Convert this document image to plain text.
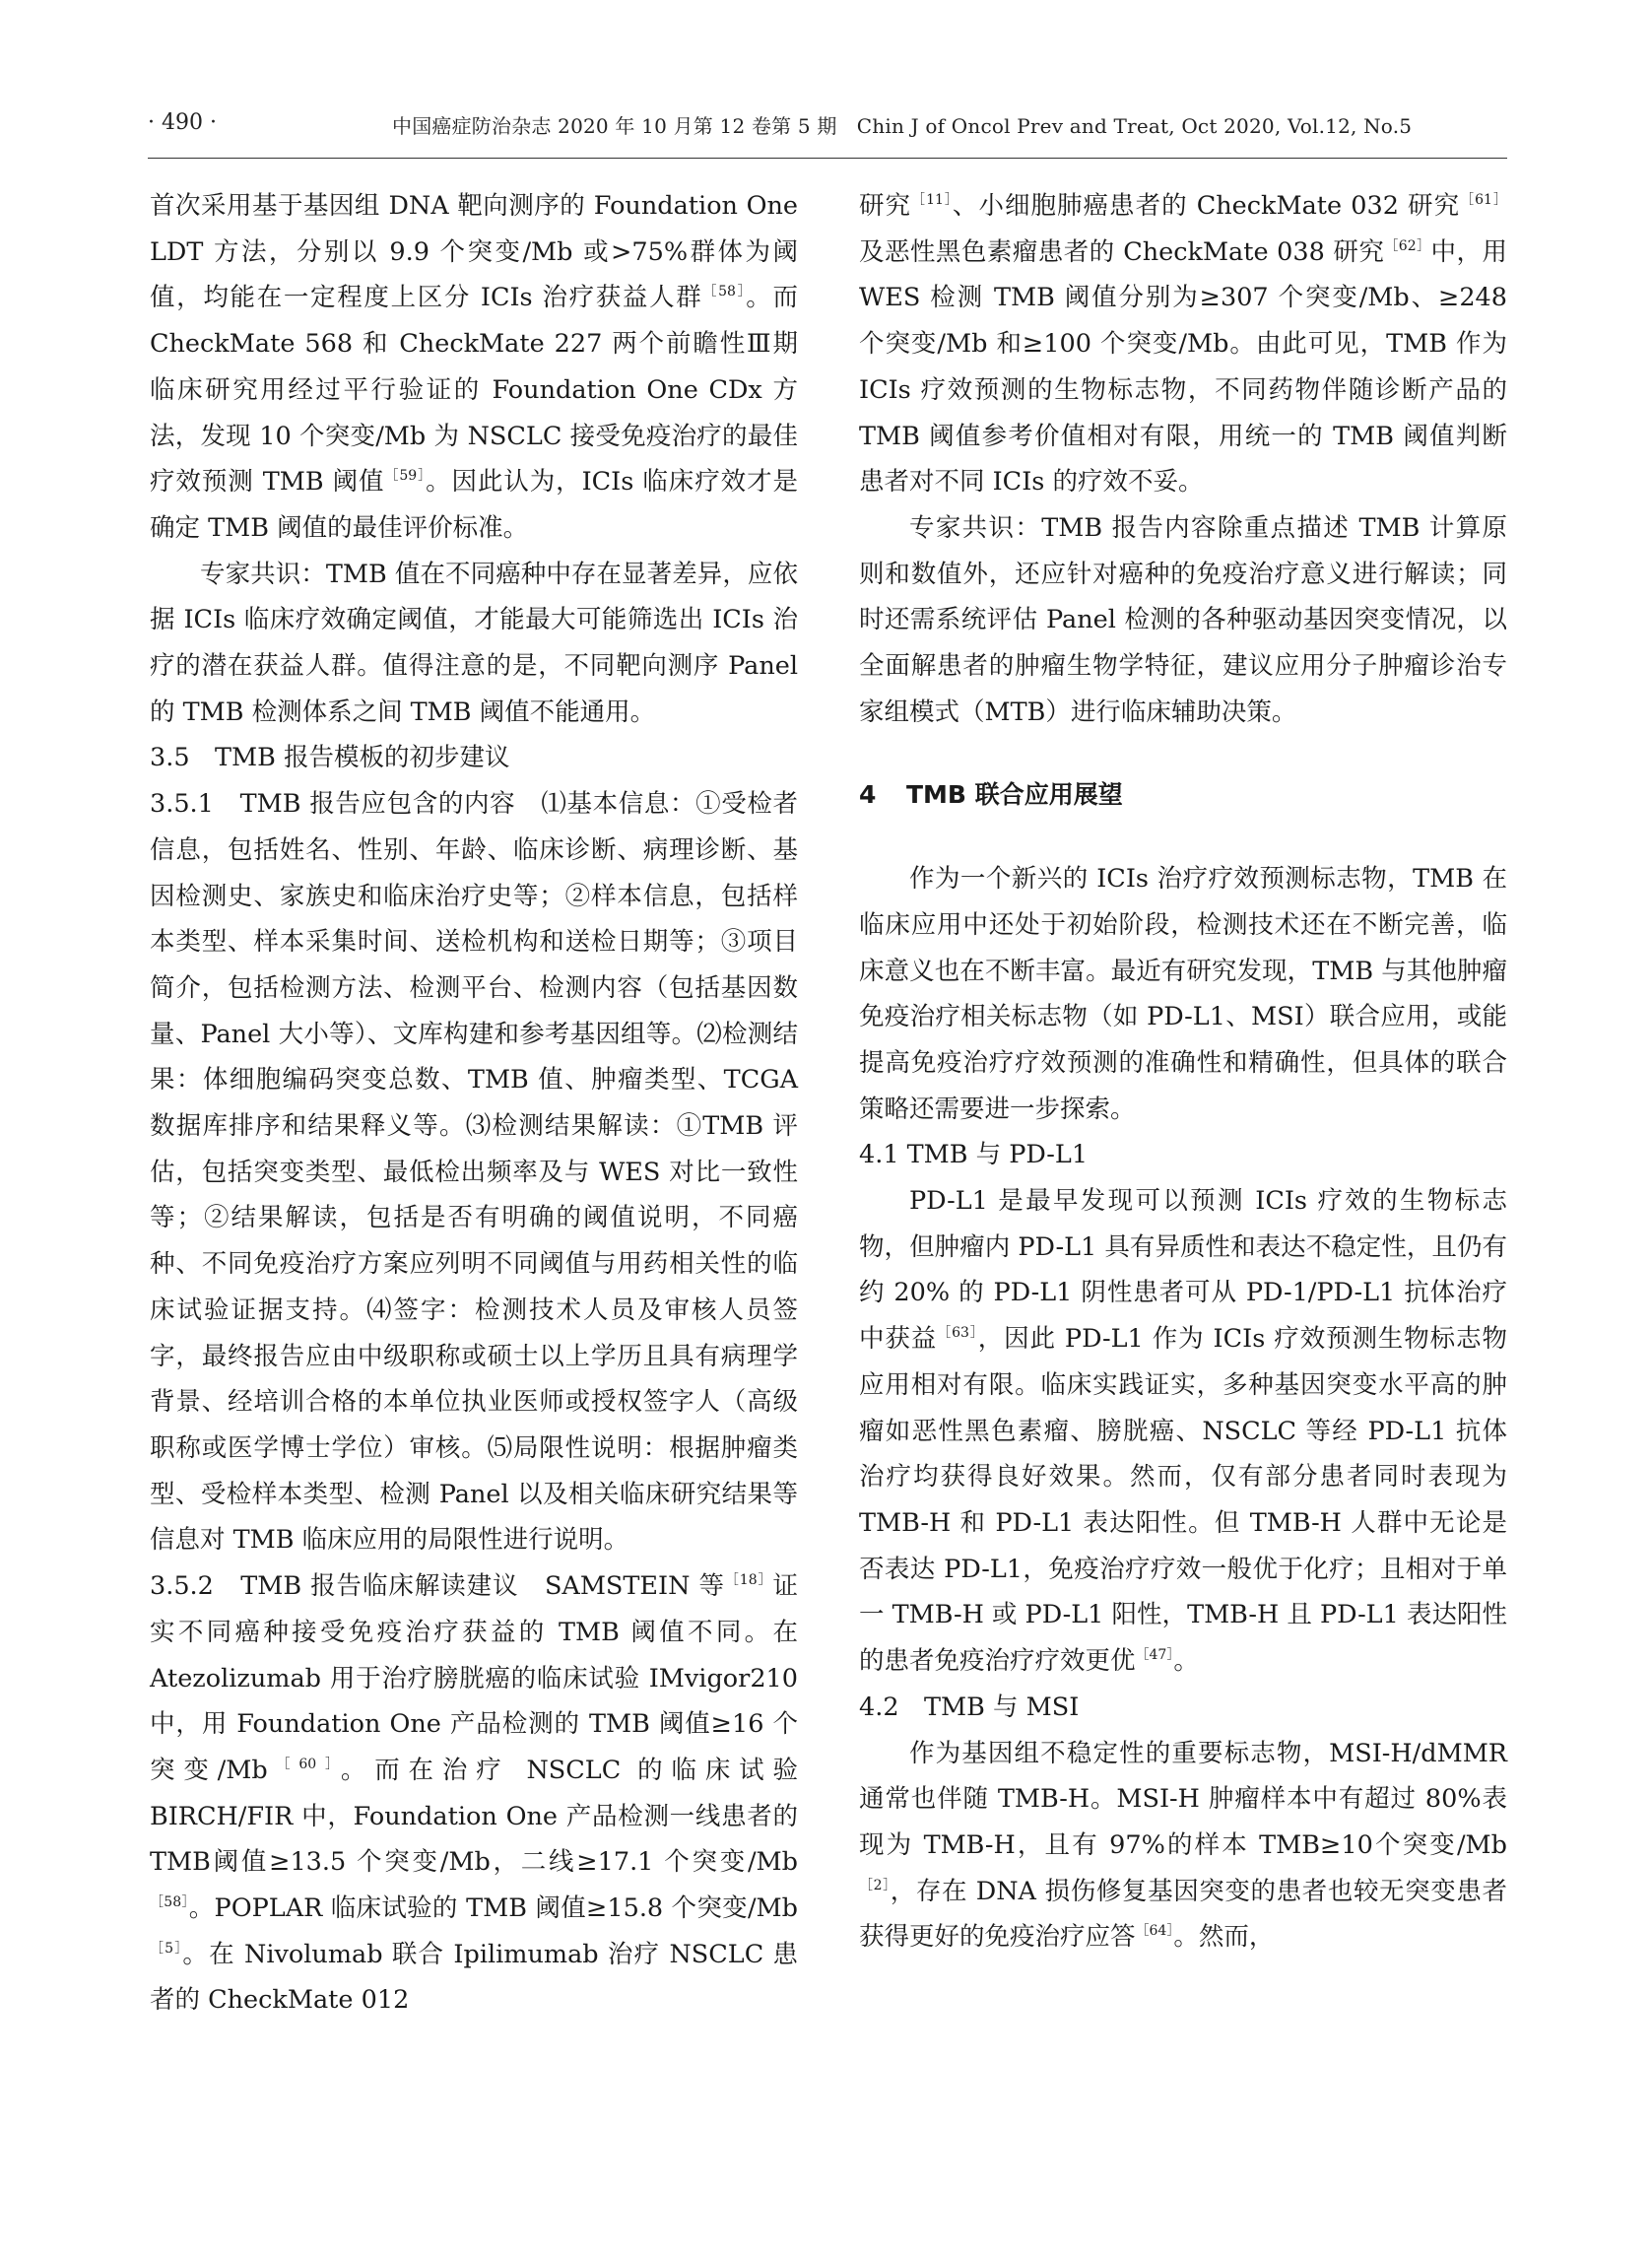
· 490 ·	中国癌症防治杂志 2020 年 10 月第 12 卷第 5 期　Chin J of Oncol Prev and Treat, Oct 2020, Vol.12, No.5

首次采用基于基因组 DNA 靶向测序的 Foundation One LDT 方法，分别以 9.9 个突变/Mb 或>75%群体为阈值，均能在一定程度上区分 ICIs 治疗获益人群$^{[58]}$。而 CheckMate 568 和 CheckMate 227 两个前瞻性Ⅲ期临床研究用经过平行验证的 Foundation One CDx 方法，发现 10 个突变/Mb 为 NSCLC 接受免疫治疗的最佳疗效预测 TMB 阈值$^{[59]}$。因此认为，ICIs 临床疗效才是确定 TMB 阈值的最佳评价标准。

专家共识：TMB 值在不同癌种中存在显著差异，应依据 ICIs 临床疗效确定阈值，才能最大可能筛选出 ICIs 治疗的潜在获益人群。值得注意的是，不同靶向测序 Panel 的 TMB 检测体系之间 TMB 阈值不能通用。

3.5　TMB 报告模板的初步建议

3.5.1　TMB 报告应包含的内容　⑴基本信息：①受检者信息，包括姓名、性别、年龄、临床诊断、病理诊断、基因检测史、家族史和临床治疗史等；②样本信息，包括样本类型、样本采集时间、送检机构和送检日期等；③项目简介，包括检测方法、检测平台、检测内容（包括基因数量、Panel 大小等）、文库构建和参考基因组等。⑵检测结果：体细胞编码突变总数、TMB 值、肿瘤类型、TCGA 数据库排序和结果释义等。⑶检测结果解读：①TMB 评估，包括突变类型、最低检出频率及与 WES 对比一致性等；②结果解读，包括是否有明确的阈值说明，不同癌种、不同免疫治疗方案应列明不同阈值与用药相关性的临床试验证据支持。⑷签字：检测技术人员及审核人员签字，最终报告应由中级职称或硕士以上学历且具有病理学背景、经培训合格的本单位执业医师或授权签字人（高级职称或医学博士学位）审核。⑸局限性说明：根据肿瘤类型、受检样本类型、检测 Panel 以及相关临床研究结果等信息对 TMB 临床应用的局限性进行说明。

3.5.2　TMB 报告临床解读建议　SAMSTEIN 等$^{[18]}$证实不同癌种接受免疫治疗获益的 TMB 阈值不同。在 Atezolizumab 用于治疗膀胱癌的临床试验 IMvigor210 中，用 Foundation One 产品检测的 TMB 阈值≥16 个突变$/Mb^{[60]}$。而在治疗 NSCLC 的临床试验 BIRCH/FIR 中，Foundation One 产品检测一线患者的 TMB阈值≥13.5 个突变/Mb，二线≥17.1 个突变$/Mb^{[58]}$。POPLAR 临床试验的 TMB 阈值≥15.8 个突变$/Mb^{[5]}$。在 Nivolumab 联合 Ipilimumab 治疗 NSCLC 患者的 CheckMate 012

研究$^{[11]}$、小细胞肺癌患者的 CheckMate 032 研究$^{[61]}$及恶性黑色素瘤患者的 CheckMate 038 研究$^{[62]}$中，用 WES 检测 TMB 阈值分别为≥307 个突变/Mb、≥248 个突变/Mb 和≥100 个突变/Mb。由此可见，TMB 作为 ICIs 疗效预测的生物标志物，不同药物伴随诊断产品的 TMB 阈值参考价值相对有限，用统一的 TMB 阈值判断患者对不同 ICIs 的疗效不妥。

专家共识：TMB 报告内容除重点描述 TMB 计算原则和数值外，还应针对癌种的免疫治疗意义进行解读；同时还需系统评估 Panel 检测的各种驱动基因突变情况，以全面解患者的肿瘤生物学特征，建议应用分子肿瘤诊治专家组模式（MTB）进行临床辅助决策。

4 TMB 联合应用展望

作为一个新兴的 ICIs 治疗疗效预测标志物，TMB 在临床应用中还处于初始阶段，检测技术还在不断完善，临床意义也在不断丰富。最近有研究发现，TMB 与其他肿瘤免疫治疗相关标志物（如 PD-L1、MSI）联合应用，或能提高免疫治疗疗效预测的准确性和精确性，但具体的联合策略还需要进一步探索。

4.1 TMB 与 PD-L1

PD-L1 是最早发现可以预测 ICIs 疗效的生物标志物，但肿瘤内 PD-L1 具有异质性和表达不稳定性，且仍有约 20% 的 PD-L1 阴性患者可从 PD-1/PD-L1 抗体治疗中获益$^{[63]}$，因此 PD-L1 作为 ICIs 疗效预测生物标志物应用相对有限。临床实践证实，多种基因突变水平高的肿瘤如恶性黑色素瘤、膀胱癌、NSCLC 等经 PD-L1 抗体治疗均获得良好效果。然而，仅有部分患者同时表现为 TMB-H 和 PD-L1 表达阳性。但 TMB-H 人群中无论是否表达 PD-L1，免疫治疗疗效一般优于化疗；且相对于单一 TMB-H 或 PD-L1 阳性，TMB-H 且 PD-L1 表达阳性的患者免疫治疗疗效更优$^{[47]}$。

4.2　TMB 与 MSI

作为基因组不稳定性的重要标志物，MSI-H/dMMR 通常也伴随 TMB-H。MSI-H 肿瘤样本中有超过 80%表现为 TMB-H，且有 97%的样本 TMB≥10个突变$/Mb^{[2]}$，存在 DNA 损伤修复基因突变的患者也较无突变患者获得更好的免疫治疗应答$^{[64]}$。然而，
